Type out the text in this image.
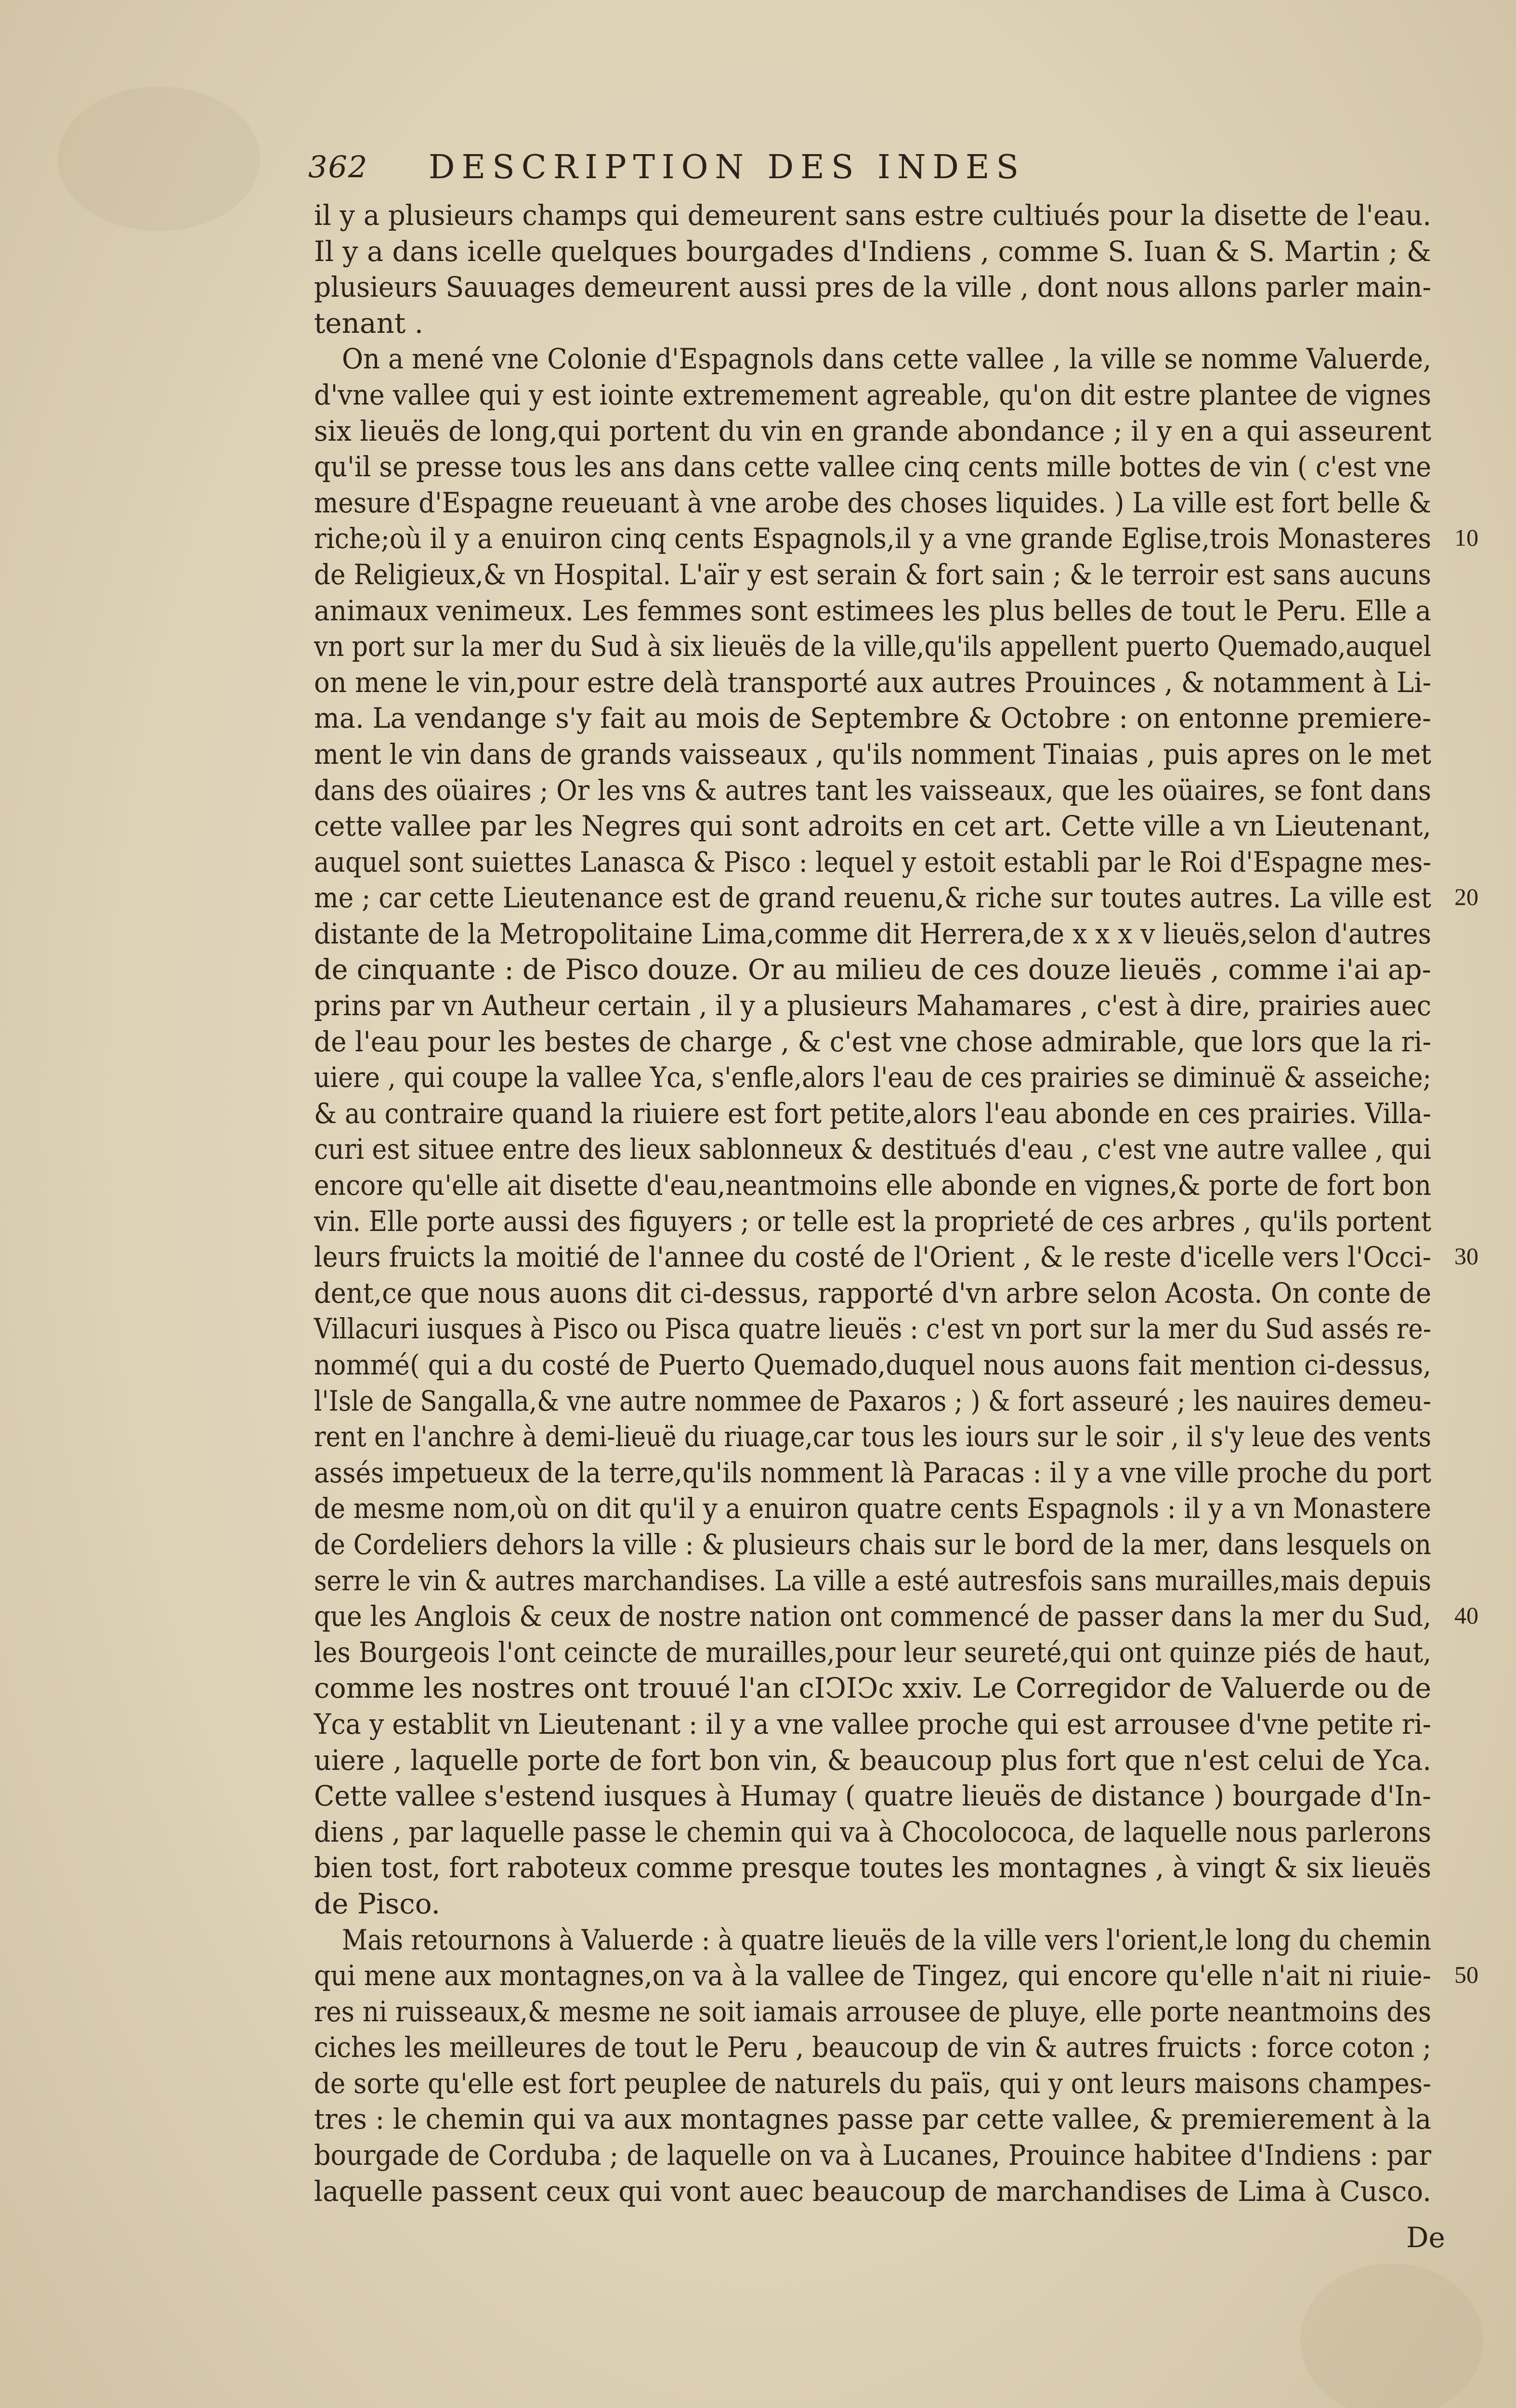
362 DESCRIPTION DES INDES
il y a plusieurs champs qui demeurent sans estre cultiués pour la disette de l'eau.
Il y a dans icelle quelques bourgades d'Indiens , comme S. Iuan & S. Martin ; &
plusieurs Sauuages demeurent aussi pres de la ville , dont nous allons parler main-
tenant .
On a mené vne Colonie d'Espagnols dans cette vallee , la ville se nomme Valuerde,
d'vne vallee qui y est iointe extremement agreable, qu'on dit estre plantee de vignes
six lieuës de long,qui portent du vin en grande abondance ; il y en a qui asseurent
qu'il se presse tous les ans dans cette vallee cinq cents mille bottes de vin ( c'est vne
mesure d'Espagne reueuant à vne arobe des choses liquides. ) La ville est fort belle &
riche;où il y a enuiron cinq cents Espagnols,il y a vne grande Eglise,trois Monasteres
de Religieux,& vn Hospital. L'aïr y est serain & fort sain ; & le terroir est sans aucuns
animaux venimeux. Les femmes sont estimees les plus belles de tout le Peru. Elle a
vn port sur la mer du Sud à six lieuës de la ville,qu'ils appellent puerto Quemado,auquel
on mene le vin,pour estre delà transporté aux autres Prouinces , & notamment à Li-
ma. La vendange s'y fait au mois de Septembre & Octobre : on entonne premiere-
ment le vin dans de grands vaisseaux , qu'ils nomment Tinaias , puis apres on le met
dans des oüaires ; Or les vns & autres tant les vaisseaux, que les oüaires, se font dans
cette vallee par les Negres qui sont adroits en cet art. Cette ville a vn Lieutenant,
auquel sont suiettes Lanasca & Pisco : lequel y estoit establi par le Roi d'Espagne mes-
me ; car cette Lieutenance est de grand reuenu,& riche sur toutes autres. La ville est
distante de la Metropolitaine Lima,comme dit Herrera,de x x x v lieuës,selon d'autres
de cinquante : de Pisco douze. Or au milieu de ces douze lieuës , comme i'ai ap-
prins par vn Autheur certain , il y a plusieurs Mahamares , c'est à dire, prairies auec
de l'eau pour les bestes de charge , & c'est vne chose admirable, que lors que la ri-
uiere , qui coupe la vallee Yca, s'enfle,alors l'eau de ces prairies se diminuë & asseiche;
& au contraire quand la riuiere est fort petite,alors l'eau abonde en ces prairies. Villa-
curi est situee entre des lieux sablonneux & destitués d'eau , c'est vne autre vallee , qui
encore qu'elle ait disette d'eau,neantmoins elle abonde en vignes,& porte de fort bon
vin. Elle porte aussi des figuyers ; or telle est la proprieté de ces arbres , qu'ils portent
leurs fruicts la moitié de l'annee du costé de l'Orient , & le reste d'icelle vers l'Occi-
dent,ce que nous auons dit ci-dessus, rapporté d'vn arbre selon Acosta. On conte de
Villacuri iusques à Pisco ou Pisca quatre lieuës : c'est vn port sur la mer du Sud assés re-
nommé( qui a du costé de Puerto Quemado,duquel nous auons fait mention ci-dessus,
l'Isle de Sangalla,& vne autre nommee de Paxaros ; ) & fort asseuré ; les nauires demeu-
rent en l'anchre à demi-lieuë du riuage,car tous les iours sur le soir , il s'y leue des vents
assés impetueux de la terre,qu'ils nomment là Paracas : il y a vne ville proche du port
de mesme nom,où on dit qu'il y a enuiron quatre cents Espagnols : il y a vn Monastere
de Cordeliers dehors la ville : & plusieurs chais sur le bord de la mer, dans lesquels on
serre le vin & autres marchandises. La ville a esté autresfois sans murailles,mais depuis
que les Anglois & ceux de nostre nation ont commencé de passer dans la mer du Sud,
les Bourgeois l'ont ceincte de murailles,pour leur seureté,qui ont quinze piés de haut,
comme les nostres ont trouué l'an cIↃIↃc xxiv. Le Corregidor de Valuerde ou de
Yca y establit vn Lieutenant : il y a vne vallee proche qui est arrousee d'vne petite ri-
uiere , laquelle porte de fort bon vin, & beaucoup plus fort que n'est celui de Yca.
Cette vallee s'estend iusques à Humay ( quatre lieuës de distance ) bourgade d'In-
diens , par laquelle passe le chemin qui va à Chocolococa, de laquelle nous parlerons
bien tost, fort raboteux comme presque toutes les montagnes , à vingt & six lieuës
de Pisco.
Mais retournons à Valuerde : à quatre lieuës de la ville vers l'orient,le long du chemin
qui mene aux montagnes,on va à la vallee de Tingez, qui encore qu'elle n'ait ni riuie-
res ni ruisseaux,& mesme ne soit iamais arrousee de pluye, elle porte neantmoins des
ciches les meilleures de tout le Peru , beaucoup de vin & autres fruicts : force coton ;
de sorte qu'elle est fort peuplee de naturels du païs, qui y ont leurs maisons champes-
tres : le chemin qui va aux montagnes passe par cette vallee, & premierement à la
bourgade de Corduba ; de laquelle on va à Lucanes, Prouince habitee d'Indiens : par
laquelle passent ceux qui vont auec beaucoup de marchandises de Lima à Cusco.
10
20
30
40
50
De
